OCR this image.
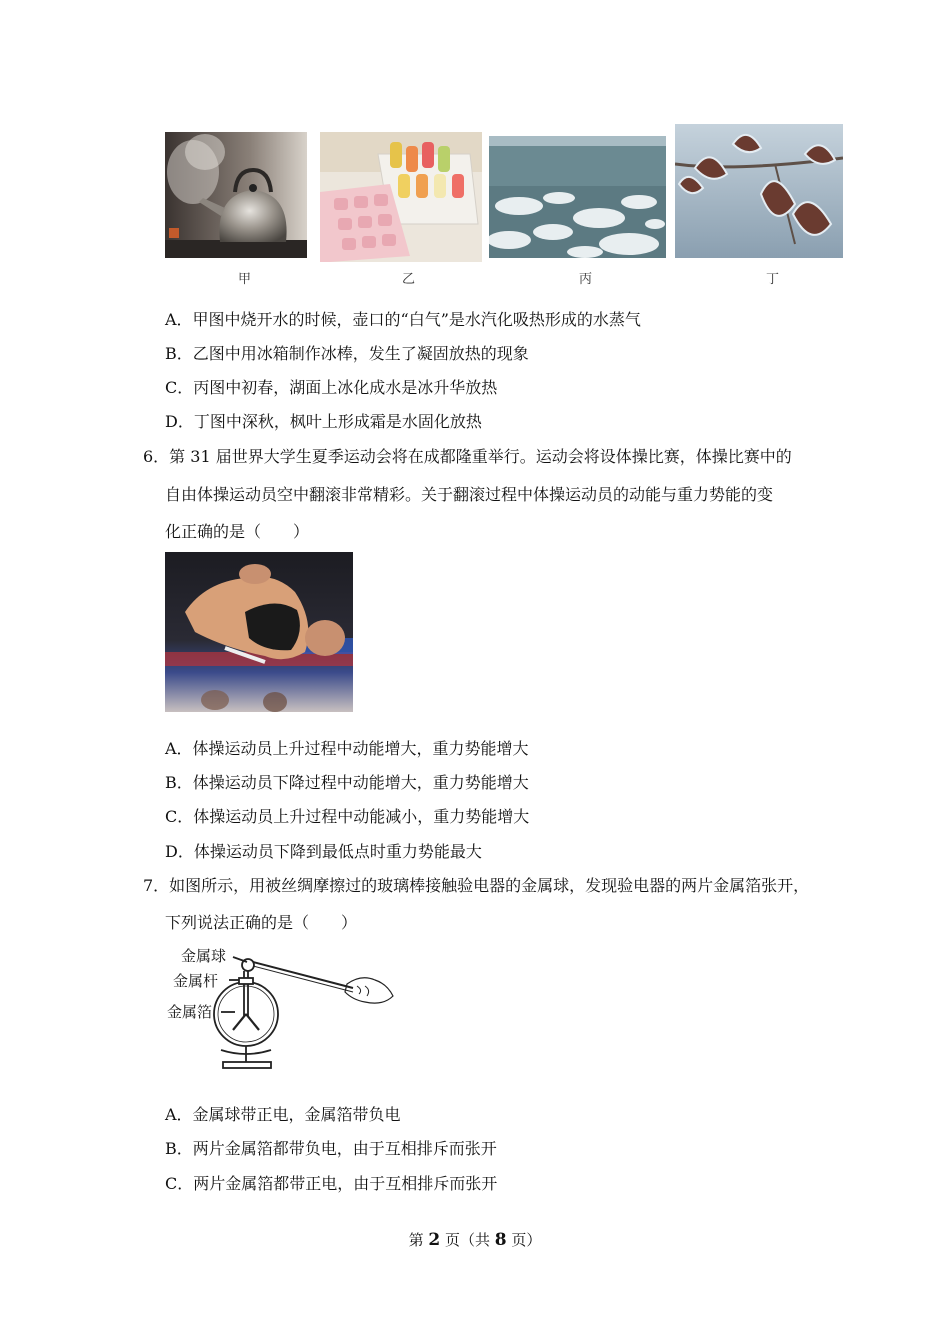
甲	乙	丙	丁
A．甲图中烧开水的时候，壶口的“白气”是水汽化吸热形成的水蒸气
B．乙图中用冰箱制作冰棒，发生了凝固放热的现象
C．丙图中初春，湖面上冰化成水是冰升华放热
D．丁图中深秋，枫叶上形成霜是水固化放热
6．第 31 届世界大学生夏季运动会将在成都隆重举行。运动会将设体操比赛，体操比赛中的
自由体操运动员空中翻滚非常精彩。关于翻滚过程中体操运动员的动能与重力势能的变
化正确的是（　　）
A．体操运动员上升过程中动能增大，重力势能增大
B．体操运动员下降过程中动能增大，重力势能增大
C．体操运动员上升过程中动能减小，重力势能增大
D．体操运动员下降到最低点时重力势能最大
7．如图所示，用被丝绸摩擦过的玻璃棒接触验电器的金属球，发现验电器的两片金属箔张开，
下列说法正确的是（　　）
金属球
金属杆
金属箔
A．金属球带正电，金属箔带负电
B．两片金属箔都带负电，由于互相排斥而张开
C．两片金属箔都带正电，由于互相排斥而张开
第 2 页（共 8 页）
